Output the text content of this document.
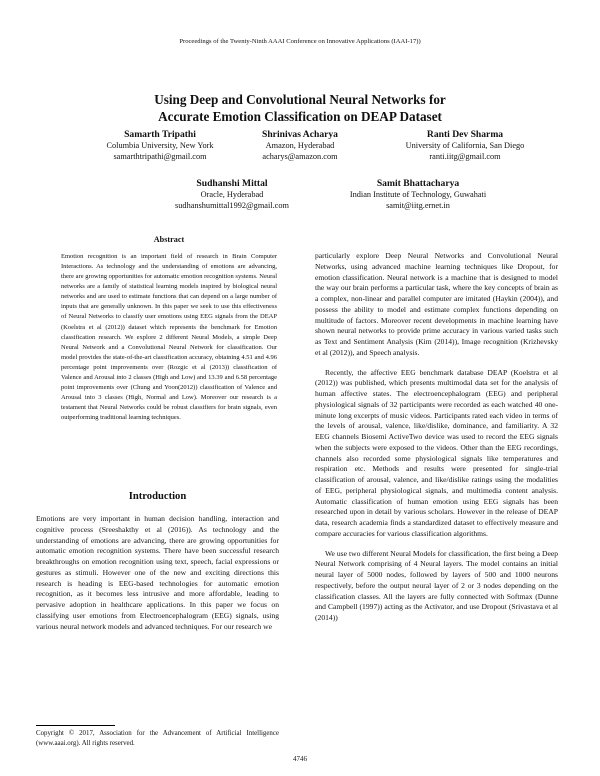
Proceedings of the Twenty-Ninth AAAI Conference on Innovative Applications (IAAI-17))
Using Deep and Convolutional Neural Networks for
Accurate Emotion Classification on DEAP Dataset
Samarth Tripathi
Columbia University, New York
samarthtripathi@gmail.com
Shrinivas Acharya
Amazon, Hyderabad
acharys@amazon.com
Ranti Dev Sharma
University of California, San Diego
ranti.iitg@gmail.com
Sudhanshi Mittal
Oracle, Hyderabad
sudhanshumittal1992@gmail.com
Samit Bhattacharya
Indian Institute of Technology, Guwahati
samit@iitg.ernet.in
Abstract

Emotion recognition is an important field of research in Brain Computer Interactions. As technology and the understanding of emotions are advancing, there are growing opportunities for automatic emotion recognition systems. Neural networks are a family of statistical learning models inspired by biological neural networks and are used to estimate functions that can depend on a large number of inputs that are generally unknown. In this paper we seek to use this effectiveness of Neural Networks to classify user emotions using EEG signals from the DEAP (Koelstra et al (2012)) dataset which represents the benchmark for Emotion classification research. We explore 2 different Neural Models, a simple Deep Neural Network and a Convolutional Neural Network for classification. Our model provides the state-of-the-art classification accuracy, obtaining 4.51 and 4.96 percentage point improvements over (Rozgic et al (2013)) classification of Valence and Arousal into 2 classes (High and Low) and 13.39 and 6.58 percentage point improvements over (Chung and Yoon(2012)) classification of Valence and Arousal into 3 classes (High, Normal and Low). Moreover our research is a testament that Neural Networks could be robust classifiers for brain signals, even outperforming traditional learning techniques.

Introduction

Emotions are very important in human decision handling, interaction and cognitive process (Sreeshakthy et al (2016)). As technology and the understanding of emotions are advancing, there are growing opportunities for automatic emotion recognition systems. There have been successful research breakthroughs on emotion recognition using text, speech, facial expressions or gestures as stimuli. However one of the new and exciting directions this research is heading is EEG-based technologies for automatic emotion recognition, as it becomes less intrusive and more affordable, leading to pervasive adoption in healthcare applications. In this paper we focus on classifying user emotions from Electroencephalogram (EEG) signals, using various neural network models and advanced techniques. For our research we

particularly explore Deep Neural Networks and Convolutional Neural Networks, using advanced machine learning techniques like Dropout, for emotion classification. Neural network is a machine that is designed to model the way our brain performs a particular task, where the key concepts of brain as a complex, non-linear and parallel computer are imitated (Haykin (2004)), and possess the ability to model and estimate complex functions depending on multitude of factors. Moreover recent developments in machine learning have shown neural networks to provide prime accuracy in various varied tasks such as Text and Sentiment Analysis (Kim (2014)), Image recognition (Krizhevsky et al (2012)), and Speech analysis.

Recently, the affective EEG benchmark database DEAP (Koelstra et al (2012)) was published, which presents multimodal data set for the analysis of human affective states. The electroencephalogram (EEG) and peripheral physiological signals of 32 participants were recorded as each watched 40 one-minute long excerpts of music videos. Participants rated each video in terms of the levels of arousal, valence, like/dislike, dominance, and familiarity. A 32 EEG channels Biosemi ActiveTwo device was used to record the EEG signals when the subjects were exposed to the videos. Other than the EEG recordings, channels also recorded some physiological signals like temperatures and respiration etc. Methods and results were presented for single-trial classification of arousal, valence, and like/dislike ratings using the modalities of EEG, peripheral physiological signals, and multimedia content analysis. Automatic classification of human emotion using EEG signals has been researched upon in detail by various scholars. However in the release of DEAP data, research academia finds a standardized dataset to effectively measure and compare accuracies for various classification algorithms.

We use two different Neural Models for classification, the first being a Deep Neural Network comprising of 4 Neural layers. The model contains an initial neural layer of 5000 nodes, followed by layers of 500 and 1000 neurons respectively, before the output neural layer of 2 or 3 nodes depending on the classification classes. All the layers are fully connected with Softmax (Dunne and Campbell (1997)) acting as the Activator, and use Dropout (Srivastava et al (2014))

Copyright © 2017, Association for the Advancement of Artificial Intelligence (www.aaai.org). All rights reserved.
4746
